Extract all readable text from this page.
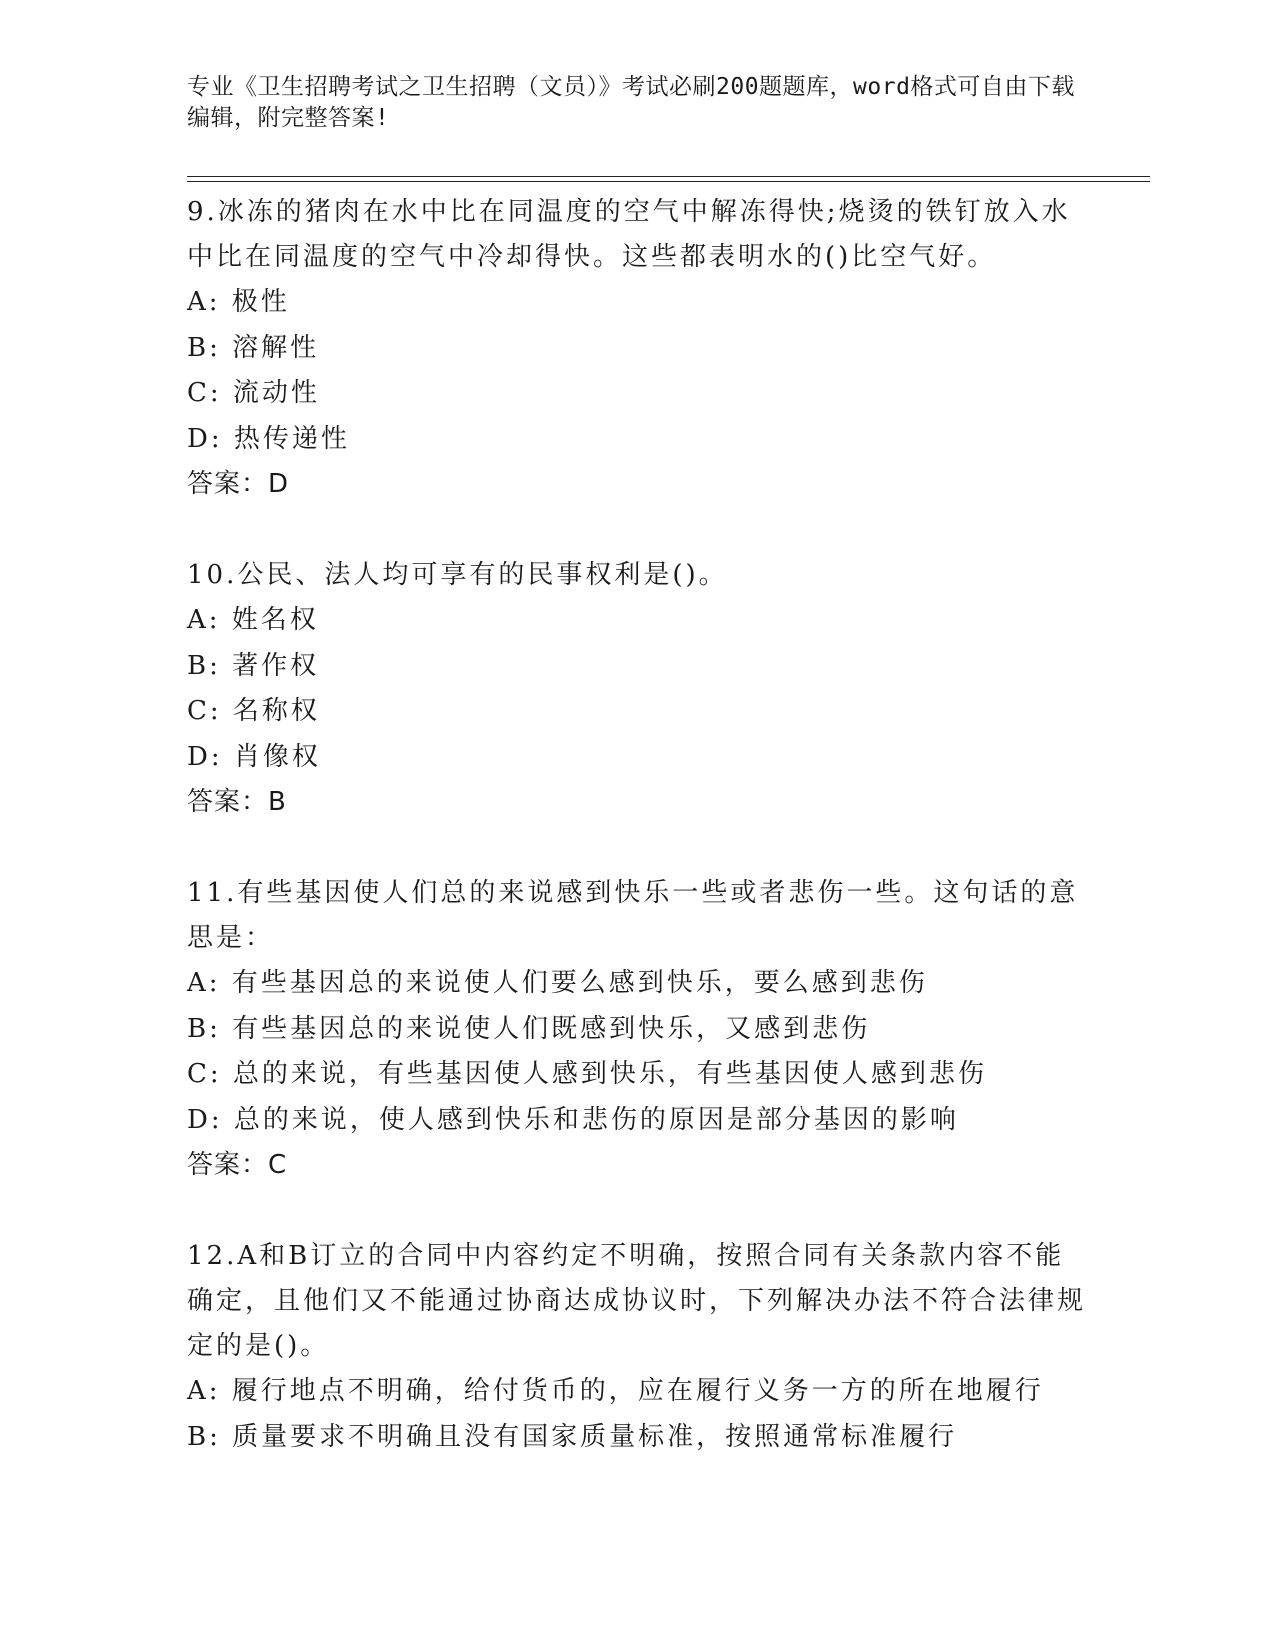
专业《卫生招聘考试之卫生招聘（文员）》考试必刷200题题库，word格式可自由下载编辑，附完整答案!
9.冰冻的猪肉在水中比在同温度的空气中解冻得快;烧烫的铁钉放入水中比在同温度的空气中冷却得快。这些都表明水的()比空气好。
A: 极性
B: 溶解性
C: 流动性
D: 热传递性
答案：D
10.公民、法人均可享有的民事权利是()。
A: 姓名权
B: 著作权
C: 名称权
D: 肖像权
答案：B
11.有些基因使人们总的来说感到快乐一些或者悲伤一些。这句话的意思是：
A: 有些基因总的来说使人们要么感到快乐，要么感到悲伤
B: 有些基因总的来说使人们既感到快乐，又感到悲伤
C: 总的来说，有些基因使人感到快乐，有些基因使人感到悲伤
D: 总的来说，使人感到快乐和悲伤的原因是部分基因的影响
答案：C
12.A和B订立的合同中内容约定不明确，按照合同有关条款内容不能确定，且他们又不能通过协商达成协议时，下列解决办法不符合法律规定的是()。
A: 履行地点不明确，给付货币的，应在履行义务一方的所在地履行
B: 质量要求不明确且没有国家质量标准，按照通常标准履行
